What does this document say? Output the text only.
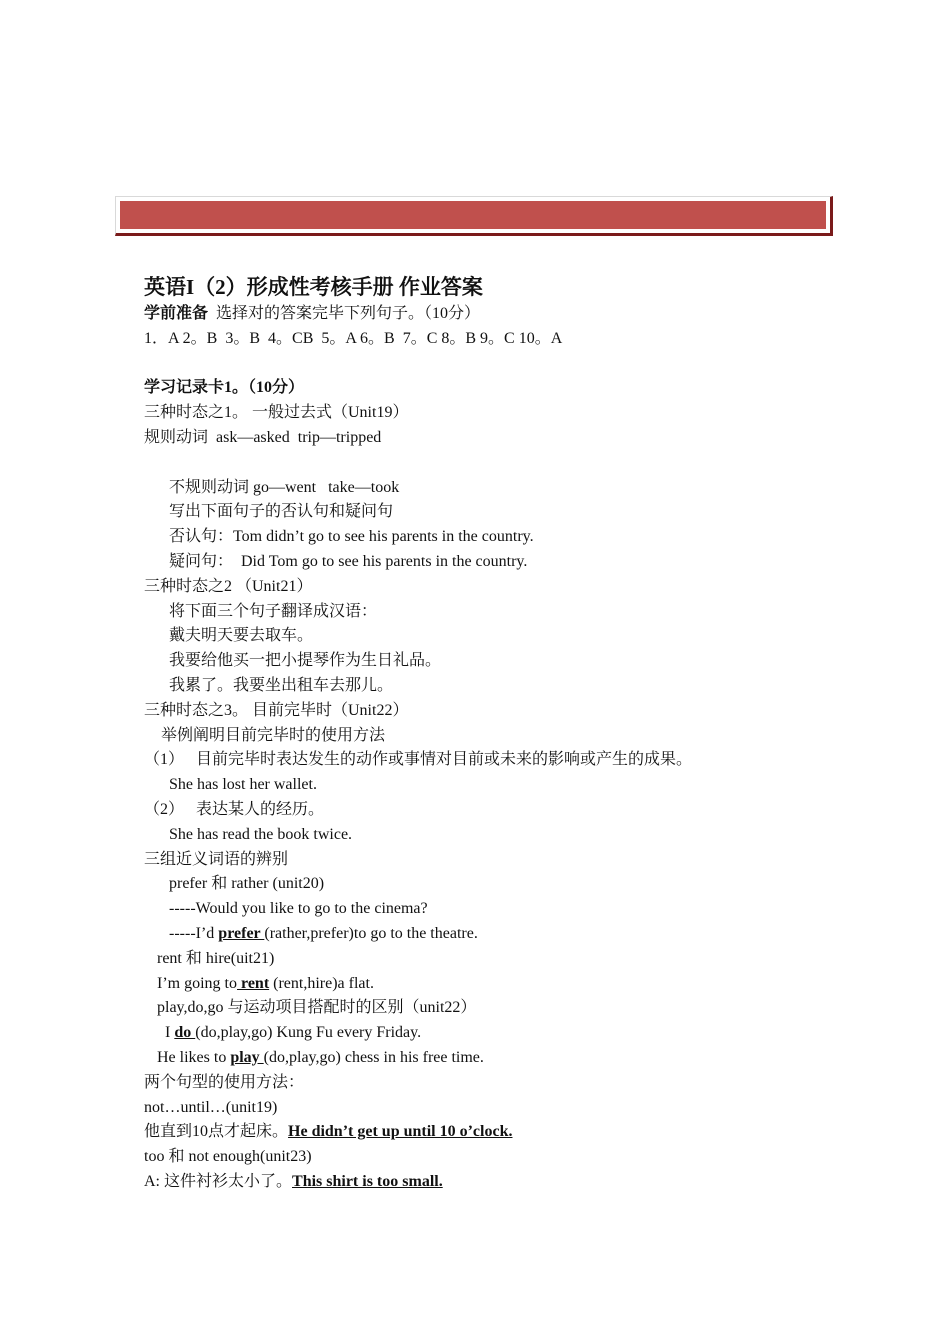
英语I（2）形成性考核手册 作业答案
学前准备  选择对的答案完毕下列句子。（10分）
1．A 2。B  3。B  4。CB  5。A 6。B  7。C 8。B 9。C 10。A
学习记录卡1。（10分）
三种时态之1。 一般过去式（Unit19）
规则动词  ask—asked  trip—tripped
不规则动词 go—went   take—took
写出下面句子的否认句和疑问句
否认句：Tom didn’t go to see his parents in the country.
疑问句：  Did Tom go to see his parents in the country.
三种时态之2 （Unit21）
将下面三个句子翻译成汉语：
戴夫明天要去取车。
我要给他买一把小提琴作为生日礼品。
我累了。我要坐出租车去那儿。
三种时态之3。 目前完毕时（Unit22）
举例阐明目前完毕时的使用方法
（1）   目前完毕时表达发生的动作或事情对目前或未来的影响或产生的成果。
She has lost her wallet.
（2）   表达某人的经历。
She has read the book twice.
三组近义词语的辨别
prefer 和 rather (unit20)
-----Would you like to go to the cinema?
-----I’d prefer (rather,prefer)to go to the theatre.
rent 和 hire(uit21)
I’m going to rent (rent,hire)a flat.
play,do,go 与运动项目搭配时的区别（unit22）
I do (do,play,go) Kung Fu every Friday.
He likes to play (do,play,go) chess in his free time.
两个句型的使用方法：
not…until…(unit19)
他直到10点才起床。He didn’t get up until 10 o’clock.
too 和 not enough(unit23)
A: 这件衬衫太小了。This shirt is too small.
